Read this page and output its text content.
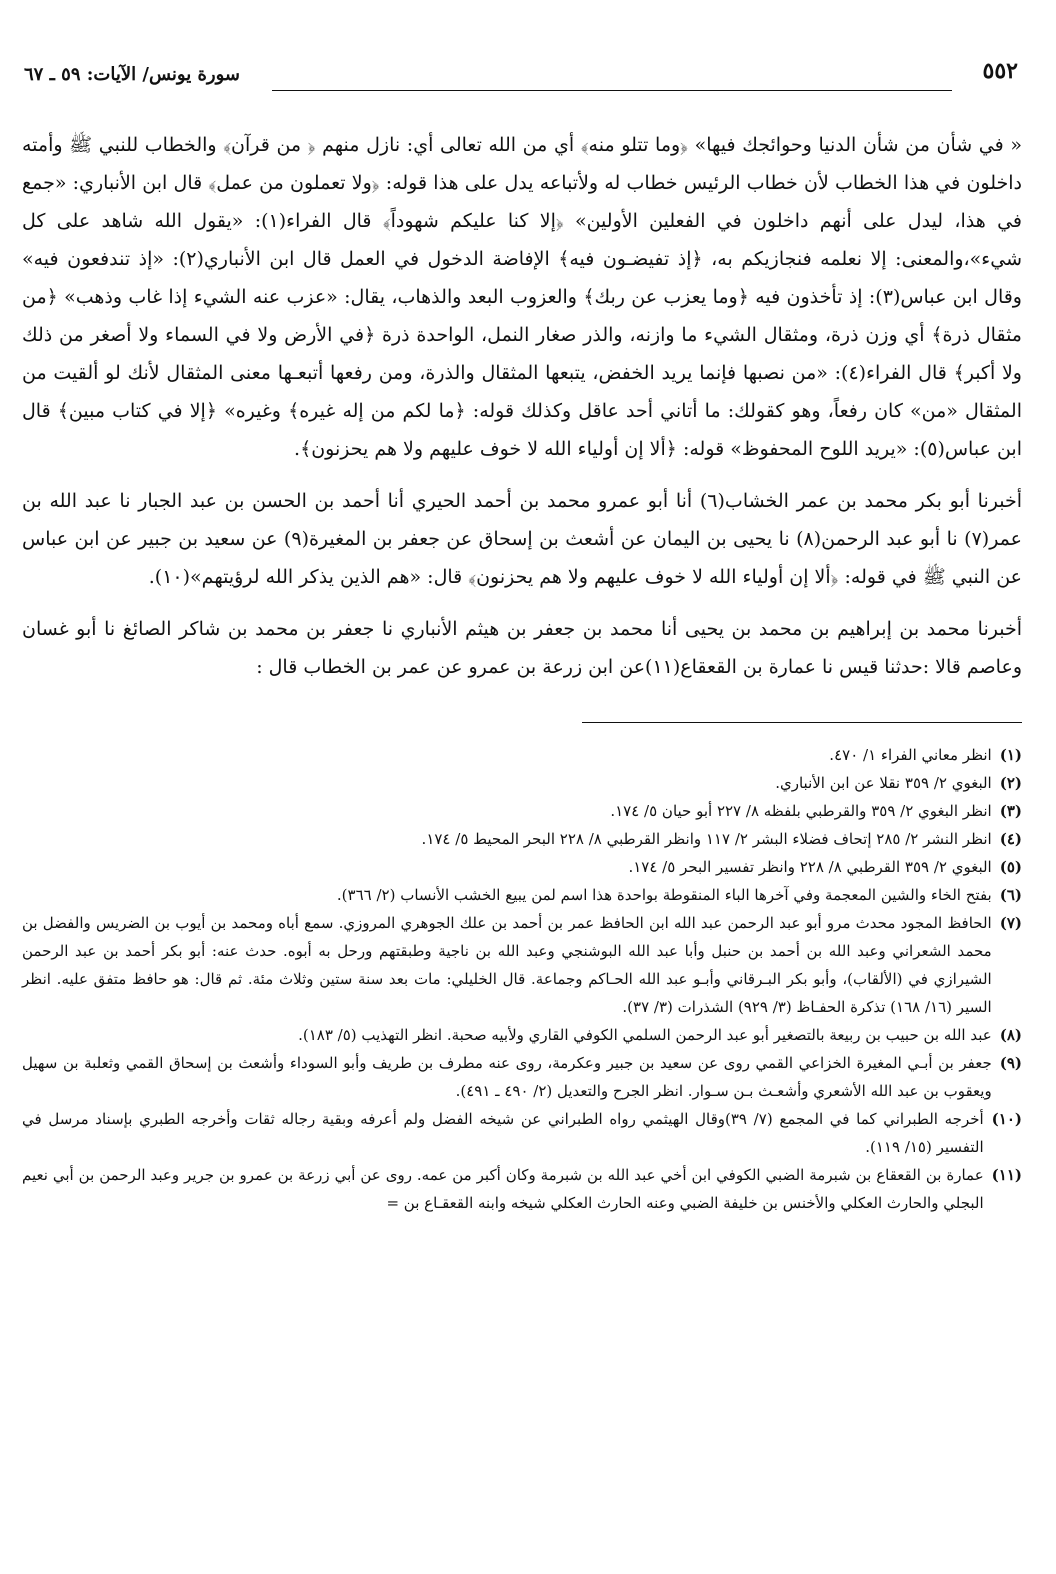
٥٥٢
سورة يونس/ الآيات: ٥٩ ـ ٦٧

« في شأن من شأن الدنيا وحوائجك فيها» ﴿وما تتلو منه﴾ أي من الله تعالى أي: نازل منهم ﴿ من قرآن﴾ والخطاب للنبي ﷺ وأمته داخلون في هذا الخطاب لأن خطاب الرئيس خطاب له ولأتباعه يدل على هذا قوله: ﴿ولا تعملون من عمل﴾ قال ابن الأنباري: «جمع في هذا، ليدل على أنهم داخلون في الفعلين الأولين» ﴿إلا كنا عليكم شهوداً﴾ قال الفراء(١): «يقول الله شاهد على كل شيء»،والمعنى: إلا نعلمه فنجازيكم به، ﴿إذ تفيضـون فيه﴾ الإفاضة الدخول في العمل قال ابن الأنباري(٢): «إذ تندفعون فيه» وقال ابن عباس(٣): إذ تأخذون فيه ﴿وما يعزب عن ربك﴾ والعزوب البعد والذهاب، يقال: «عزب عنه الشيء إذا غاب وذهب» ﴿من مثقال ذرة﴾ أي وزن ذرة، ومثقال الشيء ما وازنه، والذر صغار النمل، الواحدة ذرة ﴿في الأرض ولا في السماء ولا أصغر من ذلك ولا أكبر﴾ قال الفراء(٤): «من نصبها فإنما يريد الخفض، يتبعها المثقال والذرة، ومن رفعها أتبعـها معنى المثقال لأنك لو ألقيت من المثقال «من» كان رفعاً، وهو كقولك: ما أتاني أحد عاقل وكذلك قوله: ﴿ما لكم من إله غيره﴾ وغيره» ﴿إلا في كتاب مبين﴾ قال ابن عباس(٥): «يريد اللوح المحفوظ» قوله: ﴿ألا إن أولياء الله لا خوف عليهم ولا هم يحزنون﴾.

أخبرنا أبو بكر محمد بن عمر الخشاب(٦) أنا أبو عمرو محمد بن أحمد الحيري أنا أحمد بن الحسن بن عبد الجبار نا عبد الله بن عمر(٧) نا أبو عبد الرحمن(٨) نا يحيى بن اليمان عن أشعث بن إسحاق عن جعفر بن المغيرة(٩) عن سعيد بن جبير عن ابن عباس عن النبي ﷺ في قوله: ﴿ألا إن أولياء الله لا خوف عليهم ولا هم يحزنون﴾ قال: «هم الذين يذكر الله لرؤيتهم»(١٠).

أخبرنا محمد بن إبراهيم بن محمد بن يحيى أنا محمد بن جعفر بن هيثم الأنباري نا جعفر بن محمد بن شاكر الصائغ نا أبو غسان وعاصم قالا :حدثنا قيس نا عمارة بن القعقاع(١١)عن ابن زرعة بن عمرو عن عمر بن الخطاب قال :

(١)
انظر معاني الفراء ١/ ٤٧٠.
(٢)
البغوي ٢/ ٣٥٩ نقلا عن ابن الأنباري.
(٣)
انظر البغوي ٢/ ٣٥٩ والقرطبي بلفظه ٨/ ٢٢٧ أبو حيان ٥/ ١٧٤.
(٤)
انظر النشر ٢/ ٢٨٥ إتحاف فضلاء البشر ٢/ ١١٧ وانظر القرطبي ٨/ ٢٢٨ البحر المحيط ٥/ ١٧٤.
(٥)
البغوي ٢/ ٣٥٩ القرطبي ٨/ ٢٢٨ وانظر تفسير البحر ٥/ ١٧٤.
(٦)
بفتح الخاء والشين المعجمة وفي آخرها الباء المنقوطة بواحدة هذا اسم لمن يبيع الخشب الأنساب (٢/ ٣٦٦).
(٧)
الحافظ المجود محدث مرو أبو عبد الرحمن عبد الله ابن الحافظ عمر بن أحمد بن علك الجوهري المروزي. سمع أباه ومحمد بن أيوب بن الضريس والفضل بن محمد الشعراني وعبد الله بن أحمد بن حنبل وأبا عبد الله البوشنجي وعبد الله بن ناجية وطبقتهم ورحل به أبوه. حدث عنه: أبو بكر أحمد بن عبد الرحمن الشيرازي في (الألقاب)، وأبو بكر البـرقاني وأبـو عبد الله الحـاكم وجماعة. قال الخليلي: مات بعد سنة ستين وثلاث مئة. ثم قال: هو حافظ متفق عليه. انظر السير (١٦/ ١٦٨) تذكرة الحفـاظ (٣/ ٩٢٩) الشذرات (٣/ ٣٧).
(٨)
عبد الله بن حبيب بن ربيعة بالتصغير أبو عبد الرحمن السلمي الكوفي القاري ولأبيه صحبة. انظر التهذيب (٥/ ١٨٣).
(٩)
جعفر بن أبـي المغيرة الخزاعي القمي روى عن سعيد بن جبير وعكرمة، روى عنه مطرف بن طريف وأبو السوداء وأشعث بن إسحاق القمي وثعلبة بن سهيل ويعقوب بن عبد الله الأشعري وأشعـث بـن سـوار. انظر الجرح والتعديل (٢/ ٤٩٠ ـ ٤٩١).
(١٠)
أخرجه الطبراني كما في المجمع (٧/ ٣٩)وقال الهيثمي رواه الطبراني عن شيخه الفضل ولم أعرفه وبقية رجاله ثقات وأخرجه الطبري بإسناد مرسل في التفسير (١٥/ ١١٩).
(١١)
عمارة بن القعقاع بن شبرمة الضبي الكوفي ابن أخي عبد الله بن شبرمة وكان أكبر من عمه. روى عن أبي زرعة بن عمرو بن جرير وعبد الرحمن بن أبي نعيم البجلي والحارث العكلي والأخنس بن خليفة الضبي وعنه الحارث العكلي شيخه وابنه القعقـاع بن =
